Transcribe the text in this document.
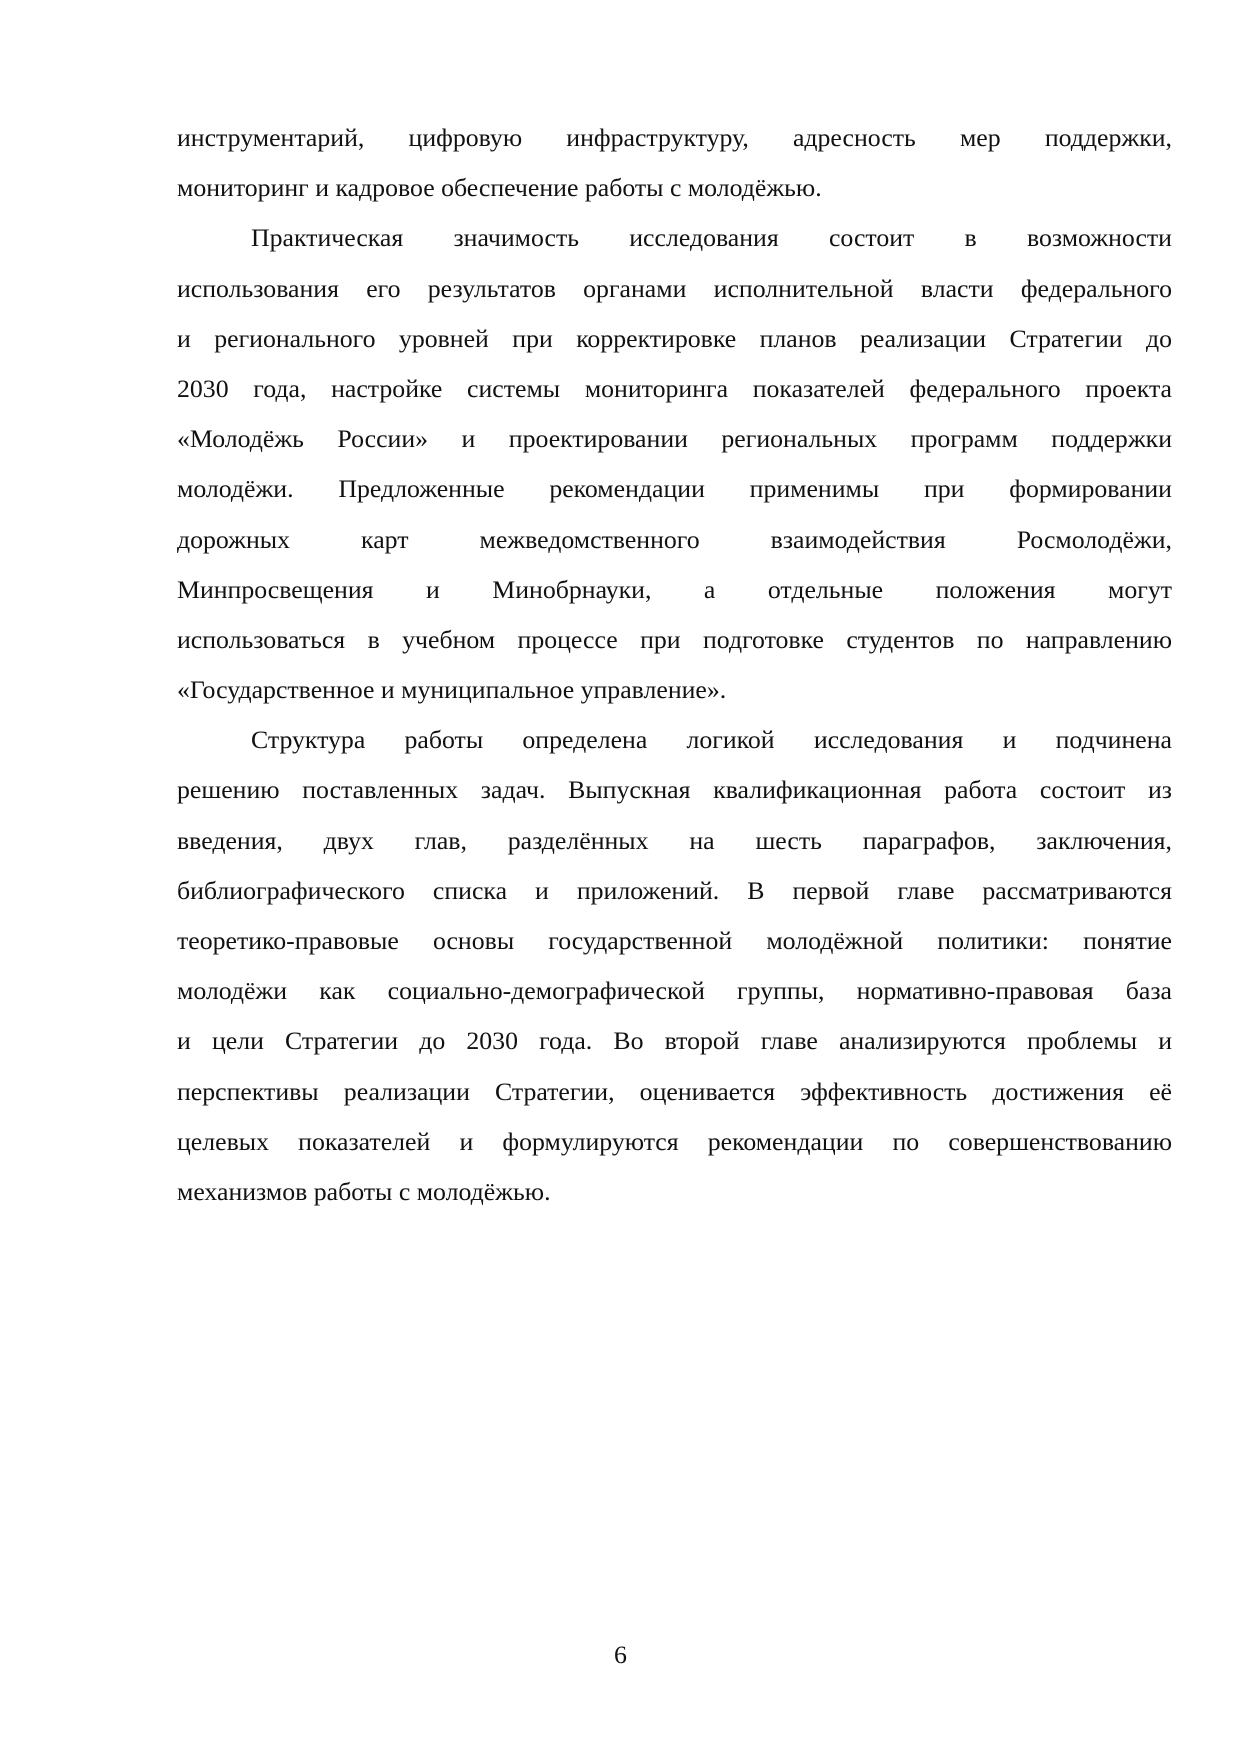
инструментарий, цифровую инфраструктуру, адресность мер поддержки,
мониторинг и кадровое обеспечение работы с молодёжью.
Практическая значимость исследования состоит в возможности
использования его результатов органами исполнительной власти федерального
и регионального уровней при корректировке планов реализации Стратегии до
2030 года, настройке системы мониторинга показателей федерального проекта
«Молодёжь России» и проектировании региональных программ поддержки
молодёжи. Предложенные рекомендации применимы при формировании
дорожных карт межведомственного взаимодействия Росмолодёжи,
Минпросвещения и Минобрнауки, а отдельные положения могут
использоваться в учебном процессе при подготовке студентов по направлению
«Государственное и муниципальное управление».
Структура работы определена логикой исследования и подчинена
решению поставленных задач. Выпускная квалификационная работа состоит из
введения, двух глав, разделённых на шесть параграфов, заключения,
библиографического списка и приложений. В первой главе рассматриваются
теоретико-правовые основы государственной молодёжной политики: понятие
молодёжи как социально-демографической группы, нормативно-правовая база
и цели Стратегии до 2030 года. Во второй главе анализируются проблемы и
перспективы реализации Стратегии, оценивается эффективность достижения её
целевых показателей и формулируются рекомендации по совершенствованию
механизмов работы с молодёжью.
6
